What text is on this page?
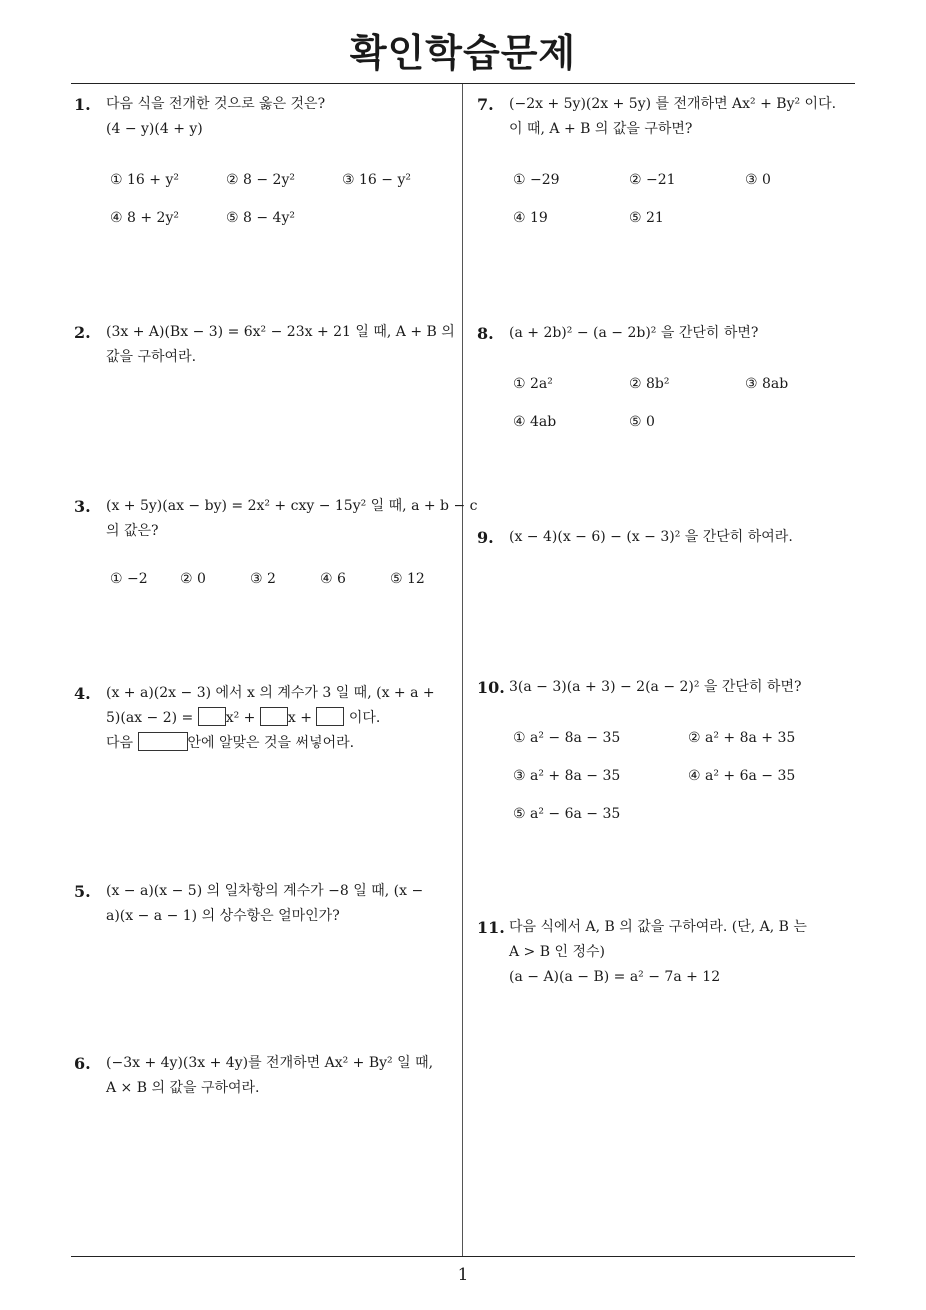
확인학습문제
1
1. 다음 식을 전개한 것으로 옳은 것은?
(4 − y)(4 + y)
① 16 + y²	② 8 − 2y²	③ 16 − y²
④ 8 + 2y²	⑤ 8 − 4y²
2. (3x + A)(Bx − 3) = 6x² − 23x + 21 일 때, A + B 의
값을 구하여라.
3. (x + 5y)(ax − by) = 2x² + cxy − 15y² 일 때, a + b − c
의 값은?
① −2 ② 0	③ 2	④ 6	⑤ 12
4. (x + a)(2x − 3) 에서 x 의 계수가 3 일 때, (x + a +
5)(ax − 2) = x² + x +	이다.
다음	안에 알맞은 것을 써넣어라.
5. (x − a)(x − 5) 의 일차항의 계수가 −8 일 때, (x −
a)(x − a − 1) 의 상수항은 얼마인가?
6. (−3x + 4y)(3x + 4y)를 전개하면 Ax² + By² 일 때,
A × B 의 값을 구하여라.
7. (−2x + 5y)(2x + 5y) 를 전개하면 Ax² + By² 이다.
이 때, A + B 의 값을 구하면?
① −29	② −21	③ 0
④ 19	⑤ 21
8. (a + 2b)² − (a − 2b)² 을 간단히 하면?
① 2a²	② 8b²	③ 8ab
④ 4ab	⑤ 0
9. (x − 4)(x − 6) − (x − 3)² 을 간단히 하여라.
10. 3(a − 3)(a + 3) − 2(a − 2)² 을 간단히 하면?
① a² − 8a − 35	② a² + 8a + 35
③ a² + 8a − 35	④ a² + 6a − 35
⑤ a² − 6a − 35
11. 다음 식에서 A, B 의 값을 구하여라. (단, A, B 는
A > B 인 정수)
(a − A)(a − B) = a² − 7a + 12
